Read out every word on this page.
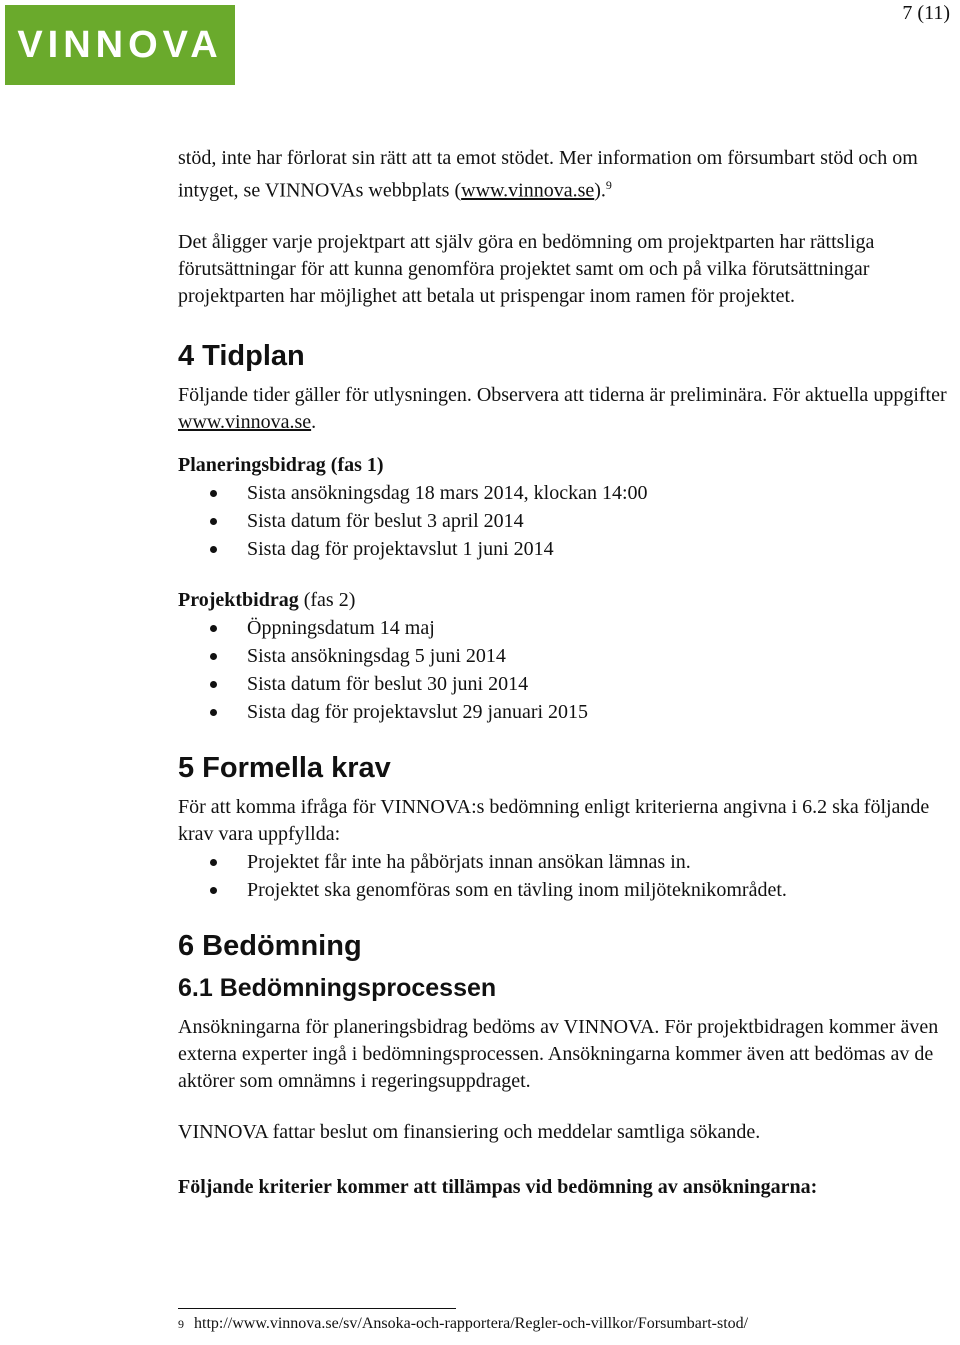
VINNOVA
7 (11)

stöd, inte har förlorat sin rätt att ta emot stödet. Mer information om försumbart stöd och om intyget, se VINNOVAs webbplats (www.vinnova.se).$^9$

Det åligger varje projektpart att själv göra en bedömning om projektparten har rättsliga förutsättningar för att kunna genomföra projektet samt om och på vilka förutsättningar projektparten har möjlighet att betala ut prispengar inom ramen för projektet.

4 Tidplan

Följande tider gäller för utlysningen. Observera att tiderna är preliminära. För aktuella uppgifter www.vinnova.se.

Planeringsbidrag (fas 1)

Sista ansökningsdag 18 mars 2014, klockan 14:00
Sista datum för beslut 3 april 2014
Sista dag för projektavslut 1 juni 2014

Projektbidrag (fas 2)

Öppningsdatum 14 maj
Sista ansökningsdag 5 juni 2014
Sista datum för beslut 30 juni 2014
Sista dag för projektavslut 29 januari 2015
5 Formella krav

För att komma ifråga för VINNOVA:s bedömning enligt kriterierna angivna i 6.2 ska följande krav vara uppfyllda:

Projektet får inte ha påbörjats innan ansökan lämnas in.
Projektet ska genomföras som en tävling inom miljöteknikområdet.
6 Bedömning
6.1 Bedömningsprocessen

Ansökningarna för planeringsbidrag bedöms av VINNOVA. För projektbidragen kommer även externa experter ingå i bedömningsprocessen. Ansökningarna kommer även att bedömas av de aktörer som omnämns i regeringsuppdraget.

VINNOVA fattar beslut om finansiering och meddelar samtliga sökande.

Följande kriterier kommer att tillämpas vid bedömning av ansökningarna:

$^9$ http://www.vinnova.se/sv/Ansoka-och-rapportera/Regler-och-villkor/Forsumbart-stod/
